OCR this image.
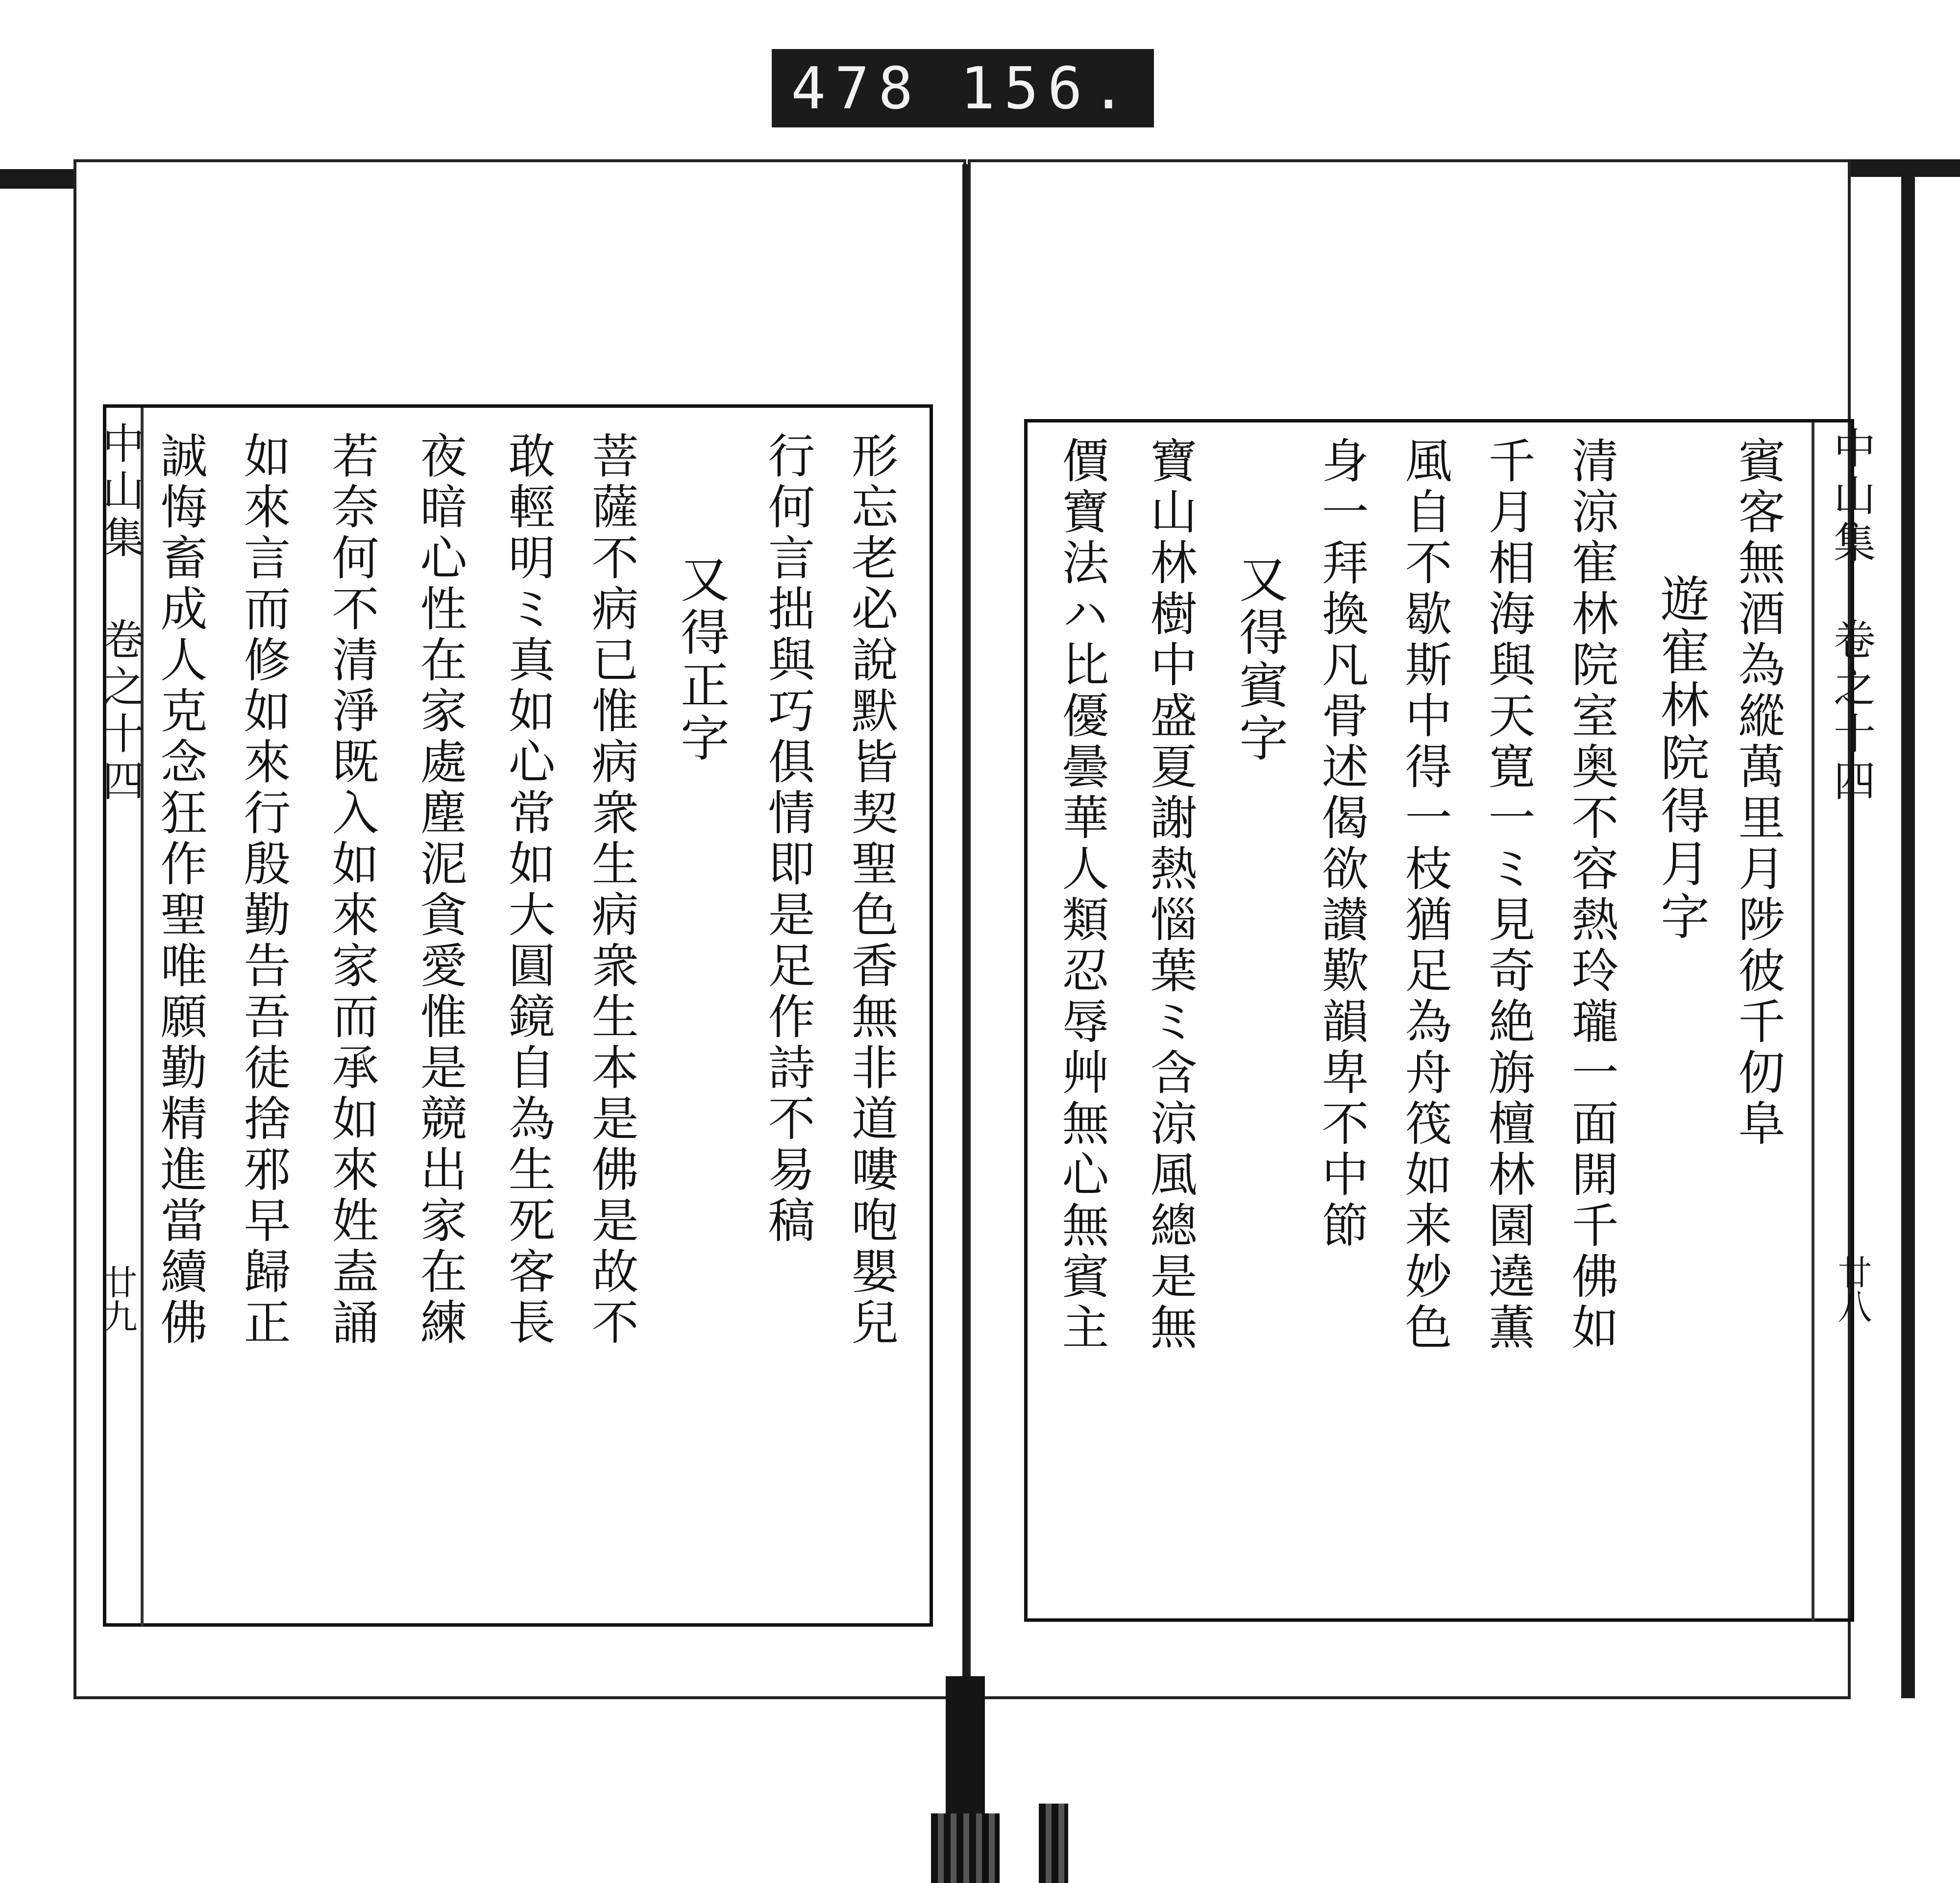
478 156.
中山集
卷之十四
廿九	形忘老必說默皆契聖色香無非道嘍咆嬰兒
行何言拙與巧俱情即是足作詩不易稿
又得正字
菩薩不病已惟病衆生病衆生本是佛是故不
敢輕明ミ真如心常如大圓鏡自為生死客長
夜暗心性在家處塵泥貪愛惟是競出家在練
若奈何不清淨既入如來家而承如來姓盍誦
如來言而修如來行殷勤告吾徒捨邪早歸正
誠悔畜成人克念狂作聖唯願勤精進當續佛	中山集
卷之十四
廿八
賓客無酒為縱萬里月陟彼千仞阜
遊寉林院得月字
清涼寉林院室奥不容熱玲瓏一面開千佛如
千月相海與天寛一ミ見奇絶旃檀林園遶薫
風自不歇斯中得一枝猶足為舟筏如来妙色
身一拜換凡骨述偈欲讃歎韻卑不中節
又得賓字
寶山林樹中盛夏謝熱惱葉ミ含涼風總是無
價寶法ハ比優曇華人類忍辱艸無心無賓主
